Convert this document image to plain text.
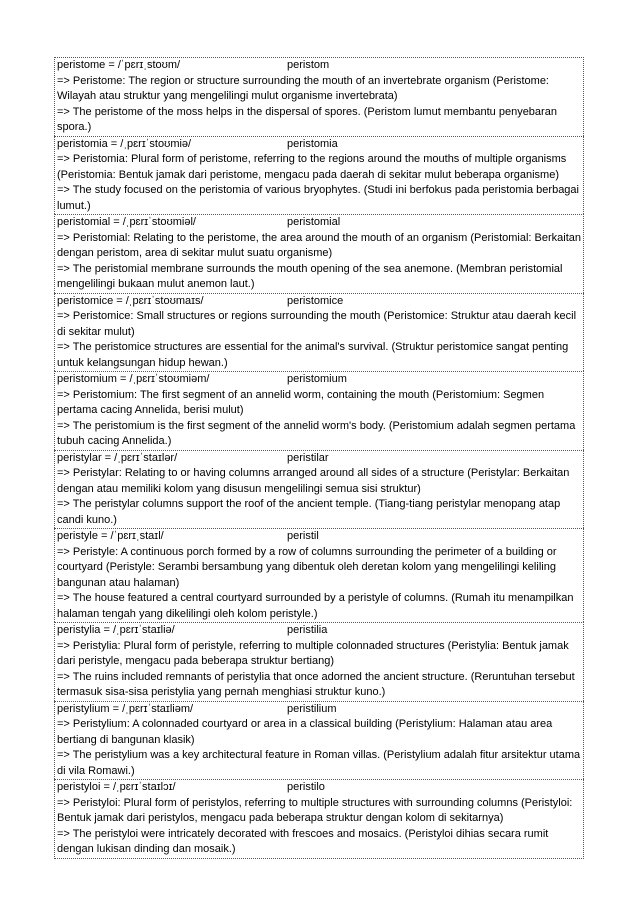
peristome = /ˈpɛrɪˌstoʊm/	peristom
=> Peristome: The region or structure surrounding the mouth of an invertebrate organism (Peristome: Wilayah atau struktur yang mengelilingi mulut organisme invertebrata)
=> The peristome of the moss helps in the dispersal of spores. (Peristom lumut membantu penyebaran spora.)
peristomia = /ˌpɛrɪˈstoʊmiə/	peristomia
=> Peristomia: Plural form of peristome, referring to the regions around the mouths of multiple organisms (Peristomia: Bentuk jamak dari peristome, mengacu pada daerah di sekitar mulut beberapa organisme)
=> The study focused on the peristomia of various bryophytes. (Studi ini berfokus pada peristomia berbagai lumut.)
peristomial = /ˌpɛrɪˈstoʊmiəl/	peristomial
=> Peristomial: Relating to the peristome, the area around the mouth of an organism (Peristomial: Berkaitan dengan peristom, area di sekitar mulut suatu organisme)
=> The peristomial membrane surrounds the mouth opening of the sea anemone. (Membran peristomial mengelilingi bukaan mulut anemon laut.)
peristomice = /ˌpɛrɪˈstoʊmaɪs/	peristomice
=> Peristomice: Small structures or regions surrounding the mouth (Peristomice: Struktur atau daerah kecil di sekitar mulut)
=> The peristomice structures are essential for the animal's survival. (Struktur peristomice sangat penting untuk kelangsungan hidup hewan.)
peristomium = /ˌpɛrɪˈstoʊmiəm/	peristomium
=> Peristomium: The first segment of an annelid worm, containing the mouth (Peristomium: Segmen pertama cacing Annelida, berisi mulut)
=> The peristomium is the first segment of the annelid worm's body. (Peristomium adalah segmen pertama tubuh cacing Annelida.)
peristylar = /ˌpɛrɪˈstaɪlər/	peristilar
=> Peristylar: Relating to or having columns arranged around all sides of a structure (Peristylar: Berkaitan dengan atau memiliki kolom yang disusun mengelilingi semua sisi struktur)
=> The peristylar columns support the roof of the ancient temple. (Tiang-tiang peristylar menopang atap candi kuno.)
peristyle = /ˈpɛrɪˌstaɪl/	peristil
=> Peristyle: A continuous porch formed by a row of columns surrounding the perimeter of a building or courtyard (Peristyle: Serambi bersambung yang dibentuk oleh deretan kolom yang mengelilingi keliling bangunan atau halaman)
=> The house featured a central courtyard surrounded by a peristyle of columns. (Rumah itu menampilkan halaman tengah yang dikelilingi oleh kolom peristyle.)
peristylia = /ˌpɛrɪˈstaɪliə/	peristilia
=> Peristylia: Plural form of peristyle, referring to multiple colonnaded structures (Peristylia: Bentuk jamak dari peristyle, mengacu pada beberapa struktur bertiang)
=> The ruins included remnants of peristylia that once adorned the ancient structure. (Reruntuhan tersebut termasuk sisa-sisa peristylia yang pernah menghiasi struktur kuno.)
peristylium = /ˌpɛrɪˈstaɪliəm/	peristilium
=> Peristylium: A colonnaded courtyard or area in a classical building (Peristylium: Halaman atau area bertiang di bangunan klasik)
=> The peristylium was a key architectural feature in Roman villas. (Peristylium adalah fitur arsitektur utama di vila Romawi.)
peristyloi = /ˌpɛrɪˈstaɪlɔɪ/	peristilo
=> Peristyloi: Plural form of peristylos, referring to multiple structures with surrounding columns (Peristyloi: Bentuk jamak dari peristylos, mengacu pada beberapa struktur dengan kolom di sekitarnya)
=> The peristyloi were intricately decorated with frescoes and mosaics. (Peristyloi dihias secara rumit dengan lukisan dinding dan mosaik.)
